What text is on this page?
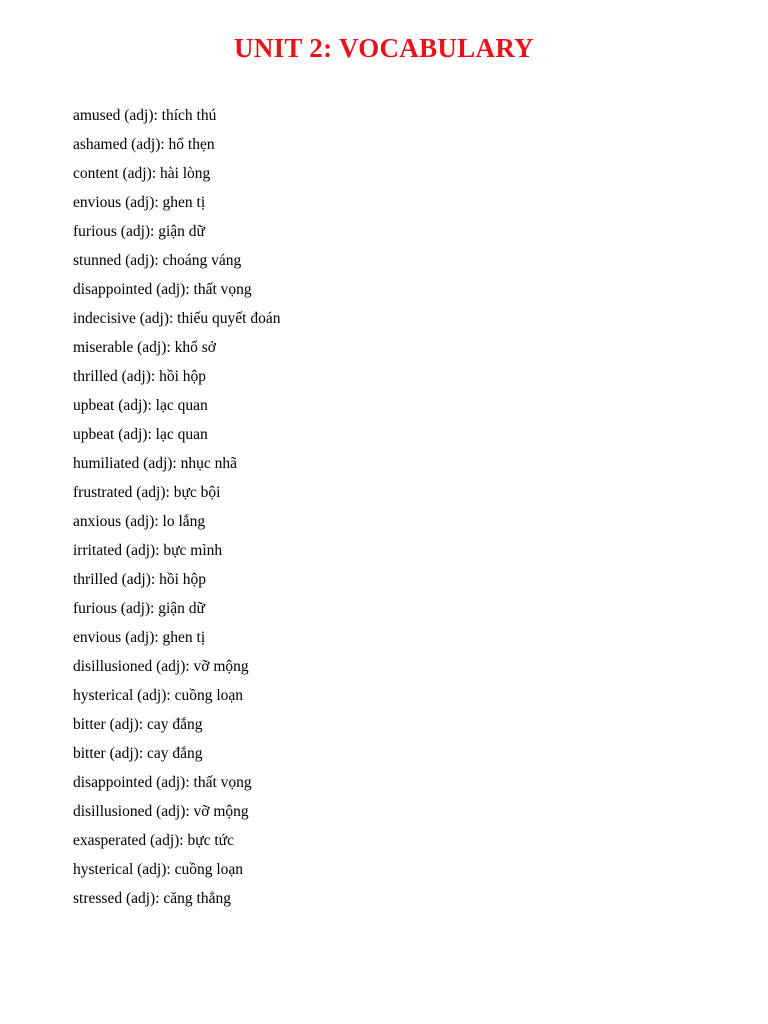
UNIT 2: VOCABULARY
amused (adj): thích thú
ashamed (adj): hổ thẹn
content (adj): hài lòng
envious (adj): ghen tị
furious (adj): giận dữ
stunned (adj): choáng váng
disappointed (adj): thất vọng
indecisive (adj): thiếu quyết đoán
miserable (adj): khổ sở
thrilled (adj): hồi hộp
upbeat (adj): lạc quan
upbeat (adj): lạc quan
humiliated (adj): nhục nhã
frustrated (adj): bực bội
anxious (adj): lo lắng
irritated (adj): bực mình
thrilled (adj): hồi hộp
furious (adj): giận dữ
envious (adj): ghen tị
disillusioned (adj): vỡ mộng
hysterical (adj): cuồng loạn
bitter (adj): cay đắng
bitter (adj): cay đắng
disappointed (adj): thất vọng
disillusioned (adj): vỡ mộng
exasperated (adj): bực tức
hysterical (adj): cuồng loạn
stressed (adj): căng thẳng
